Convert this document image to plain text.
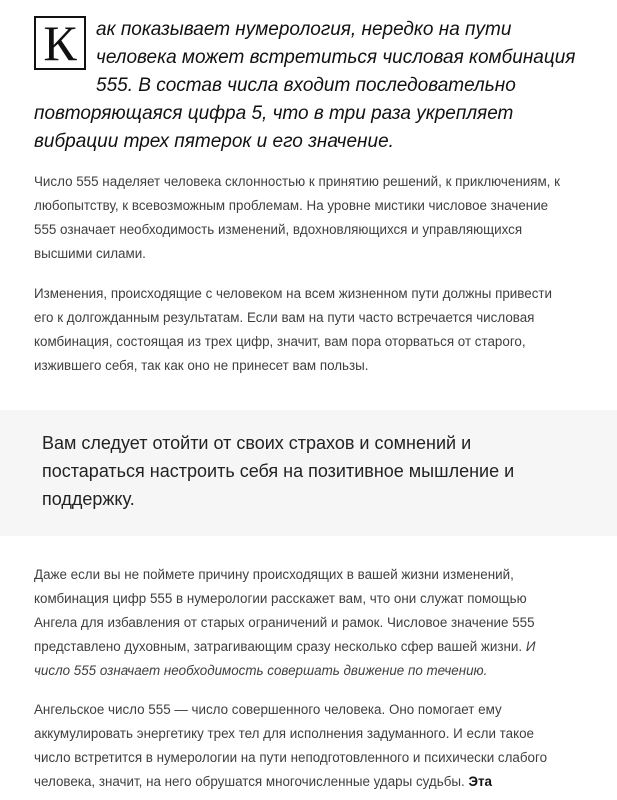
К	ак показывает нумерология, нередко на пути
человека может встретиться числовая комбинация
555. В состав числа входит последовательно
повторяющаяся цифра 5, что в три раза укрепляет
вибрации трех пятерок и его значение.

Число 555 наделяет человека склонностью к принятию решений, к приключениям, к
любопытству, к всевозможным проблемам. На уровне мистики числовое значение
555 означает необходимость изменений, вдохновляющихся и управляющихся
высшими силами.

Изменения, происходящие с человеком на всем жизненном пути должны привести
его к долгожданным результатам. Если вам на пути часто встречается числовая
комбинация, состоящая из трех цифр, значит, вам пора оторваться от старого,
изжившего себя, так как оно не принесет вам пользы.

Вам следует отойти от своих страхов и сомнений и
постараться настроить себя на позитивное мышление и
поддержку.

Даже если вы не поймете причину происходящих в вашей жизни изменений,
комбинация цифр 555 в нумерологии расскажет вам, что они служат помощью
Ангела для избавления от старых ограничений и рамок. Числовое значение 555
представлено духовным, затрагивающим сразу несколько сфер вашей жизни. И
число 555 означает необходимость совершать движение по течению.

Ангельское число 555 — число совершенного человека. Оно помогает ему
аккумулировать энергетику трех тел для исполнения задуманного. И если такое
число встретится в нумерологии на пути неподготовленного и психически слабого
человека, значит, на него обрушатся многочисленные удары судьбы. Эта
